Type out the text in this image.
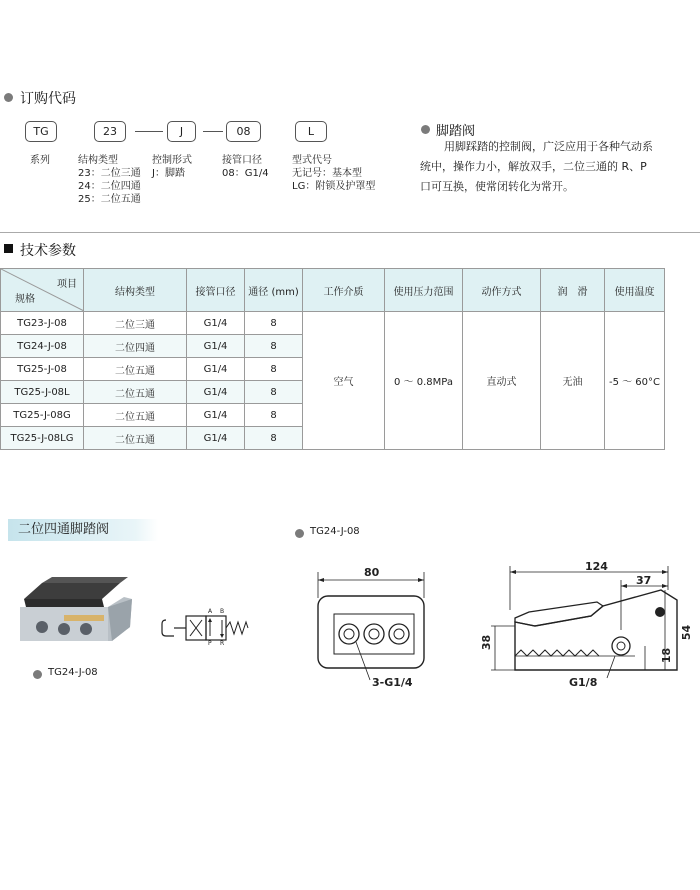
订购代码
TG	23	J	08	L
系列	结构类型
23：二位三通
24：二位四通
25：二位五通
控制形式
J：脚踏
接管口径
08：G1/4
型式代号
无记号：基本型
LG：附锁及护罩型
脚踏阀
用脚踩踏的控制阀，广泛应用于各种气动系
统中，操作力小，解放双手，二位三通的 R、P
口可互换，使常闭转化为常开。
技术参数
项目
规格	结构类型	接管口径	通径 (mm)	工作介质	使用压力范围	动作方式	润　滑	使用温度
TG23-J-08	二位三通	G1/4	8	空气	0 ～ 0.8MPa	直动式	无油	-5 ～ 60°C
TG24-J-08	二位四通	G1/4	8					
TG25-J-08	二位五通	G1/4	8					
TG25-J-08L	二位五通	G1/4	8					
TG25-J-08G	二位五通	G1/4	8					
TG25-J-08LG	二位五通	G1/4	8					
二位四通脚踏阀
TG24-J-08
A B
P R
TG24-J-08
80
3-G1/4
124
37
38
54
18
G1/8
